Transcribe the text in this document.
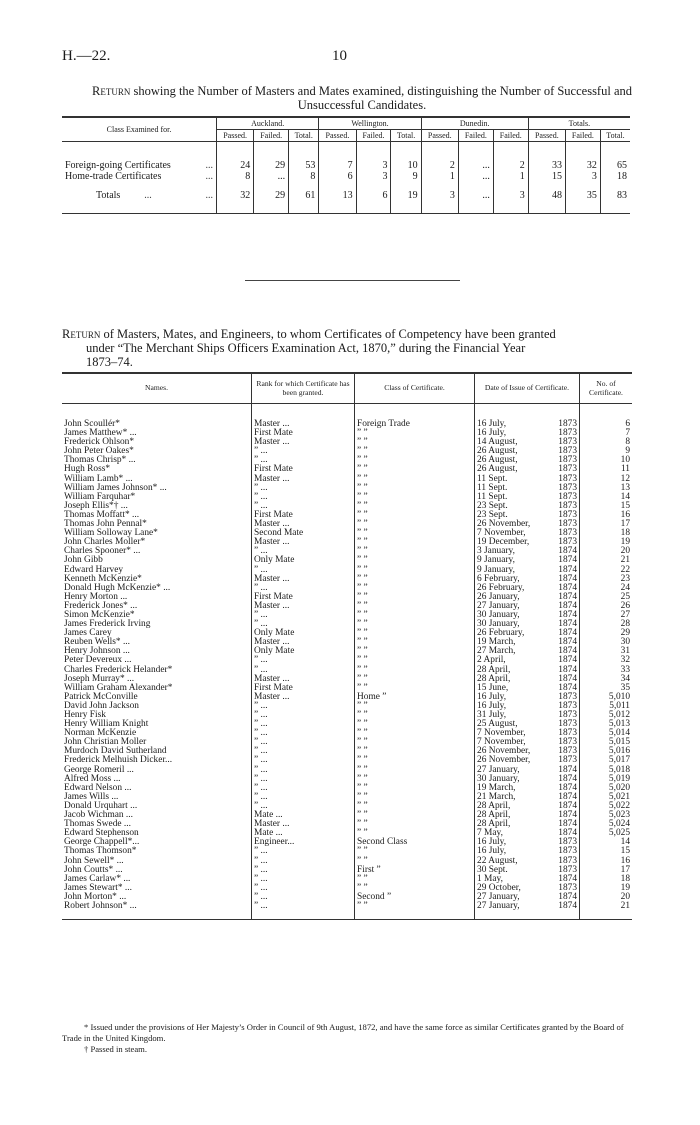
H.—22.	10
Return showing the Number of Masters and Mates examined, distinguishing the Number of Successful and Unsuccessful Candidates.
Class Examined for.	Auckland.			Wellington.			Dunedin.			Totals.		
	Passed.	Failed.	Total.	Passed.	Failed.	Total.	Passed.	Failed.	Failed.	Passed.	Failed.	Total.
Foreign-going Certificates ...	24	29	53	7	3	10	2	...	2	33	32	65
Home-trade Certificates ...	8	...	8	6	3	9	1	...	1	15	3	18
Totals ... ...	32	29	61	13	6	19	3	...	3	48	35	83
Return of Masters, Mates, and Engineers, to whom Certificates of Competency have been granted
under “The Merchant Ships Officers Examination Act, 1870,” during the Financial Year
1873–74.
Names.	Rank for which Certificate has been granted.	Class of Certificate.	Date of Issue of Certificate.	No. of Certificate.
John Scoullér*	Master ...	Foreign Trade	16 July, 1873	6
James Matthew* ...	First Mate	” ”	16 July, 1873	7
Frederick Ohlson*	Master ...	” ”	14 August, 1873	8
John Peter Oakes*	” ...	” ”	26 August, 1873	9
Thomas Chrisp* ...	” ...	” ”	26 August, 1873	10
Hugh Ross*	First Mate	” ”	26 August, 1873	11
William Lamb* ...	Master ...	” ”	11 Sept. 1873	12
William James Johnson* ...	” ...	” ”	11 Sept. 1873	13
William Farquhar*	” ...	” ”	11 Sept. 1873	14
Joseph Ellis*† ...	” ...	” ”	23 Sept. 1873	15
Thomas Moffatt* ...	First Mate	” ”	23 Sept. 1873	16
Thomas John Pennal*	Master ...	” ”	26 November, 1873	17
William Solloway Lane*	Second Mate	” ”	7 November, 1873	18
John Charles Moller*	Master ...	” ”	19 December, 1873	19
Charles Spooner* ...	” ...	” ”	3 January, 1874	20
John Gibb	Only Mate	” ”	9 January, 1874	21
Edward Harvey	” ...	” ”	9 January, 1874	22
Kenneth McKenzie*	Master ...	” ”	6 February, 1874	23
Donald Hugh McKenzie* ...	” ...	” ”	26 February, 1874	24
Henry Morton ...	First Mate	” ”	26 January, 1874	25
Frederick Jones* ...	Master ...	” ”	27 January, 1874	26
Simon McKenzie*	” ...	” ”	30 January, 1874	27
James Frederick Irving	” ...	” ”	30 January, 1874	28
James Carey	Only Mate	” ”	26 February, 1874	29
Reuben Wells* ...	Master ...	” ”	19 March, 1874	30
Henry Johnson ...	Only Mate	” ”	27 March, 1874	31
Peter Devereux ...	” ...	” ”	2 April, 1874	32
Charles Frederick Helander*	” ...	” ”	28 April, 1874	33
Joseph Murray* ...	Master ...	” ”	28 April, 1874	34
William Graham Alexander*	First Mate	” ”	15 June, 1874	35
Patrick McConville	Master ...	Home ”	16 July, 1873	5,010
David John Jackson	” ...	” ”	16 July, 1873	5,011
Henry Fisk	” ...	” ”	31 July, 1873	5,012
Henry William Knight	” ...	” ”	25 August, 1873	5,013
Norman McKenzie	” ...	” ”	7 November, 1873	5,014
John Christian Moller	” ...	” ”	7 November, 1873	5,015
Murdoch David Sutherland	” ...	” ”	26 November, 1873	5,016
Frederick Melhuish Dicker...	” ...	” ”	26 November, 1873	5,017
George Romeril ...	” ...	” ”	27 January, 1874	5,018
Alfred Moss ...	” ...	” ”	30 January, 1874	5,019
Edward Nelson ...	” ...	” ”	19 March, 1874	5,020
James Wills ...	” ...	” ”	21 March, 1874	5,021
Donald Urquhart ...	” ...	” ”	28 April, 1874	5,022
Jacob Wichman ...	Mate ...	” ”	28 April, 1874	5,023
Thomas Swede ...	Master ...	” ”	28 April, 1874	5,024
Edward Stephenson	Mate ...	” ”	7 May, 1874	5,025
George Chappell*...	Engineer...	Second Class	16 July, 1873	14
Thomas Thomson*	” ...	” ”	16 July, 1873	15
John Sewell* ...	” ...	” ”	22 August, 1873	16
John Coutts* ...	” ...	First ”	30 Sept. 1873	17
James Carlaw* ...	” ...	” ”	1 May, 1874	18
James Stewart* ...	” ...	” ”	29 October, 1873	19
John Morton* ...	” ...	Second ”	27 January, 1874	20
Robert Johnson* ...	” ...	” ”	27 January, 1874	21
* Issued under the provisions of Her Majesty’s Order in Council of 9th August, 1872, and have the same force as similar Certificates granted by the Board of Trade in the United Kingdom.
† Passed in steam.
